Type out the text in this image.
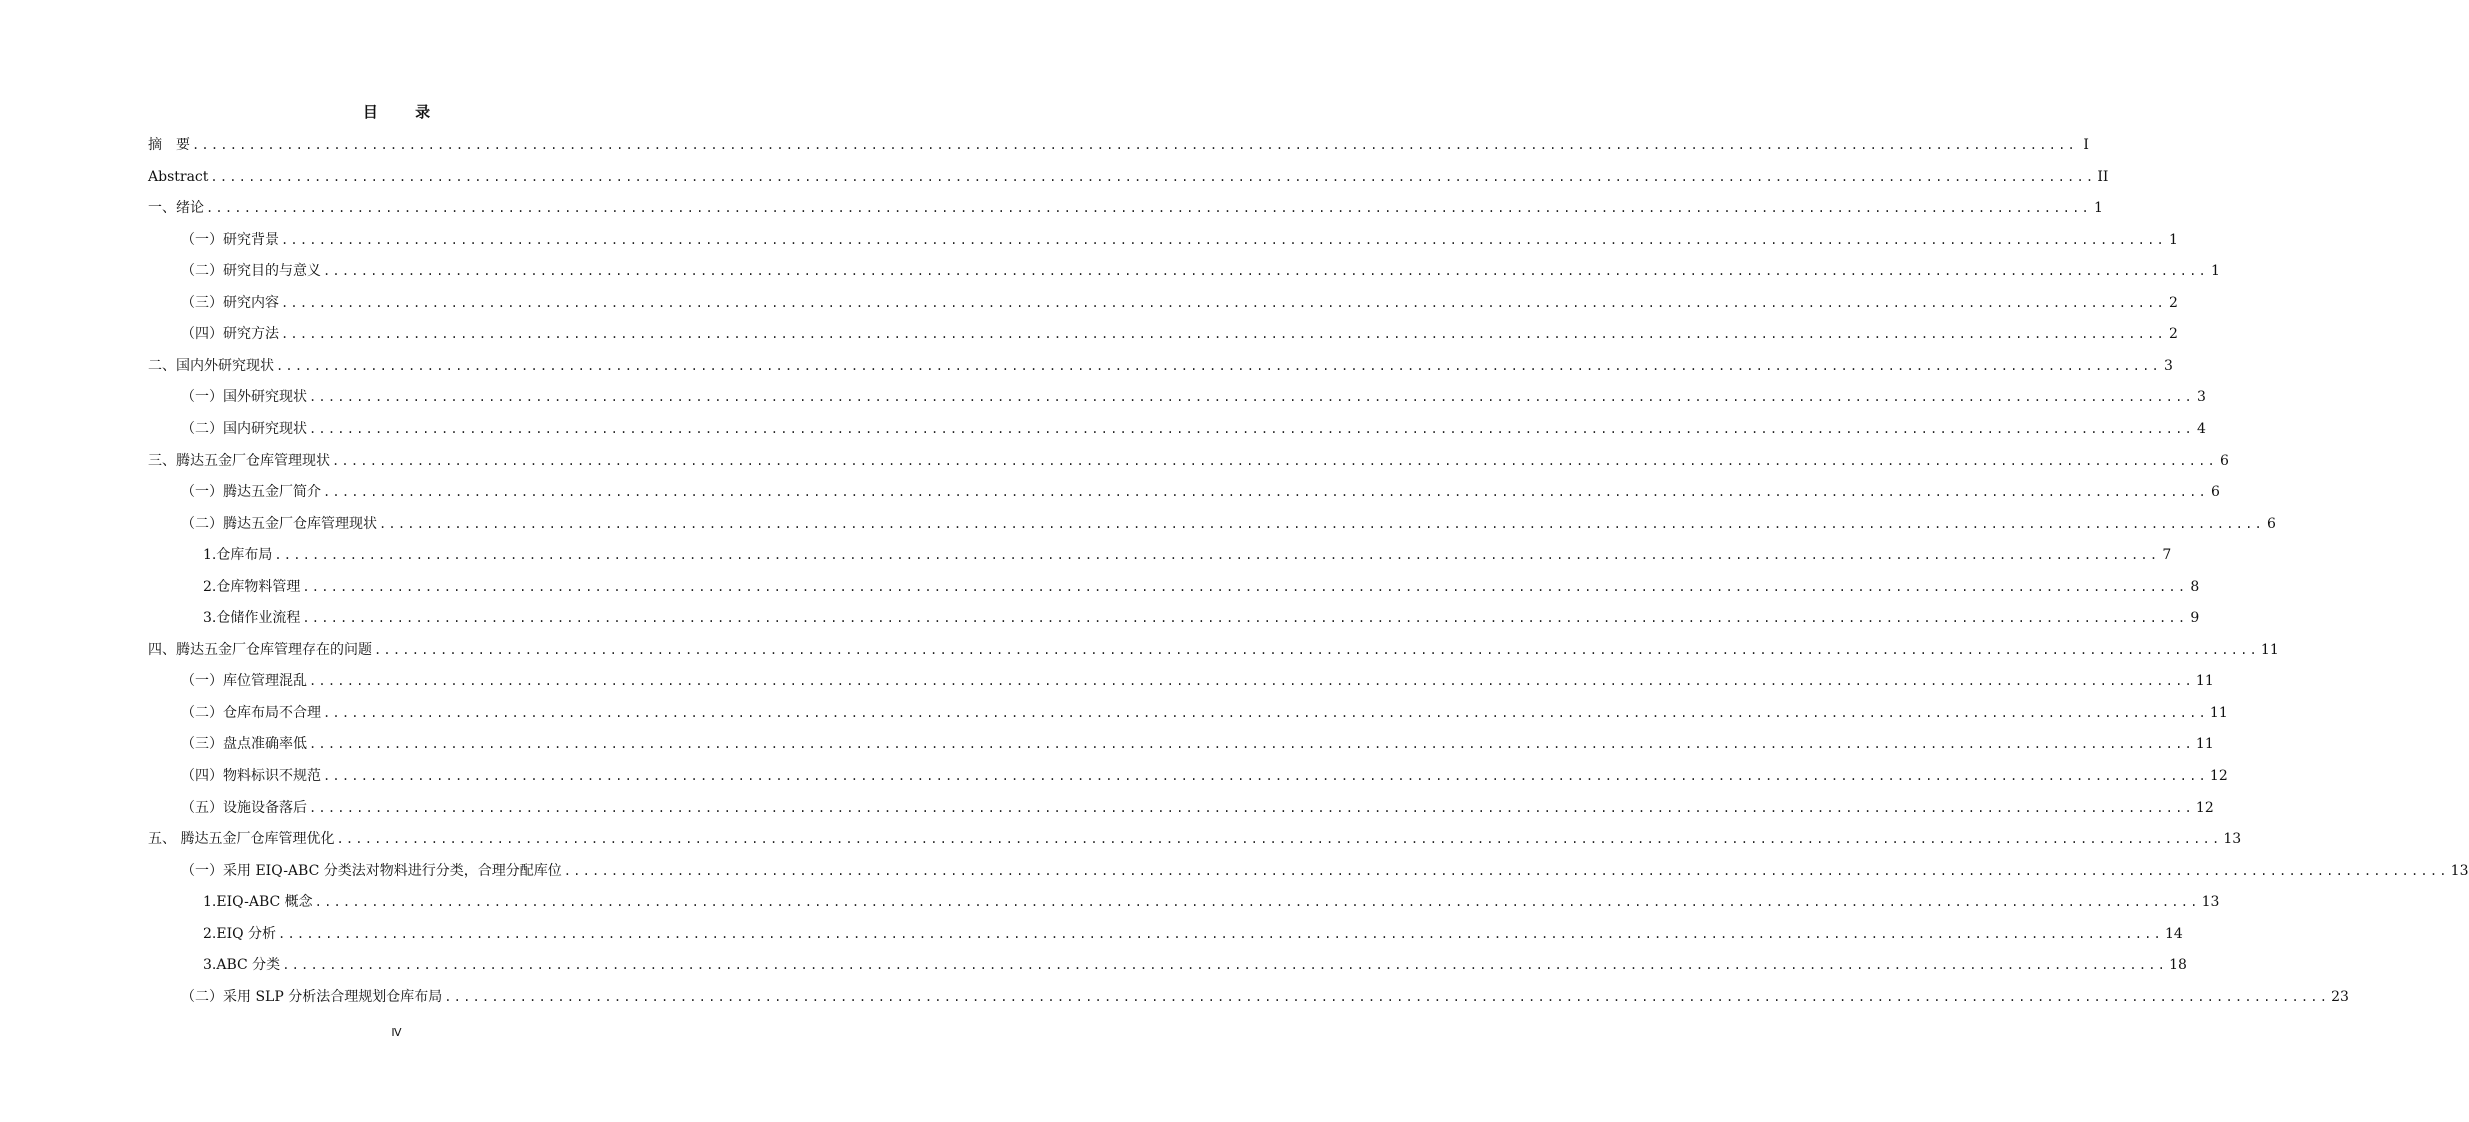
目 录
摘　要 ........................................................................................................................................................................................................ I
Abstract ........................................................................................................................................................................................................ II
一、绪论 ........................................................................................................................................................................................................ 1
（一）研究背景 ........................................................................................................................................................................................................ 1
（二）研究目的与意义 ........................................................................................................................................................................................................ 1
（三）研究内容 ........................................................................................................................................................................................................ 2
（四）研究方法 ........................................................................................................................................................................................................ 2
二、国内外研究现状 ........................................................................................................................................................................................................ 3
（一）国外研究现状 ........................................................................................................................................................................................................ 3
（二）国内研究现状 ........................................................................................................................................................................................................ 4
三、腾达五金厂仓库管理现状 ........................................................................................................................................................................................................ 6
（一）腾达五金厂简介 ........................................................................................................................................................................................................ 6
（二）腾达五金厂仓库管理现状 ........................................................................................................................................................................................................ 6
1.仓库布局 ........................................................................................................................................................................................................ 7
2.仓库物料管理 ........................................................................................................................................................................................................ 8
3.仓储作业流程 ........................................................................................................................................................................................................ 9
四、腾达五金厂仓库管理存在的问题 ........................................................................................................................................................................................................ 11
（一）库位管理混乱 ........................................................................................................................................................................................................ 11
（二）仓库布局不合理 ........................................................................................................................................................................................................ 11
（三）盘点准确率低 ........................................................................................................................................................................................................ 11
（四）物料标识不规范 ........................................................................................................................................................................................................ 12
（五）设施设备落后 ........................................................................................................................................................................................................ 12
五、 腾达五金厂仓库管理优化 ........................................................................................................................................................................................................ 13
（一）采用 EIQ-ABC 分类法对物料进行分类，合理分配库位 ........................................................................................................................................................................................................ 13
1.EIQ-ABC 概念 ........................................................................................................................................................................................................ 13
2.EIQ 分析 ........................................................................................................................................................................................................ 14
3.ABC 分类 ........................................................................................................................................................................................................ 18
（二）采用 SLP 分析法合理规划仓库布局 ........................................................................................................................................................................................................ 23
Ⅳ
